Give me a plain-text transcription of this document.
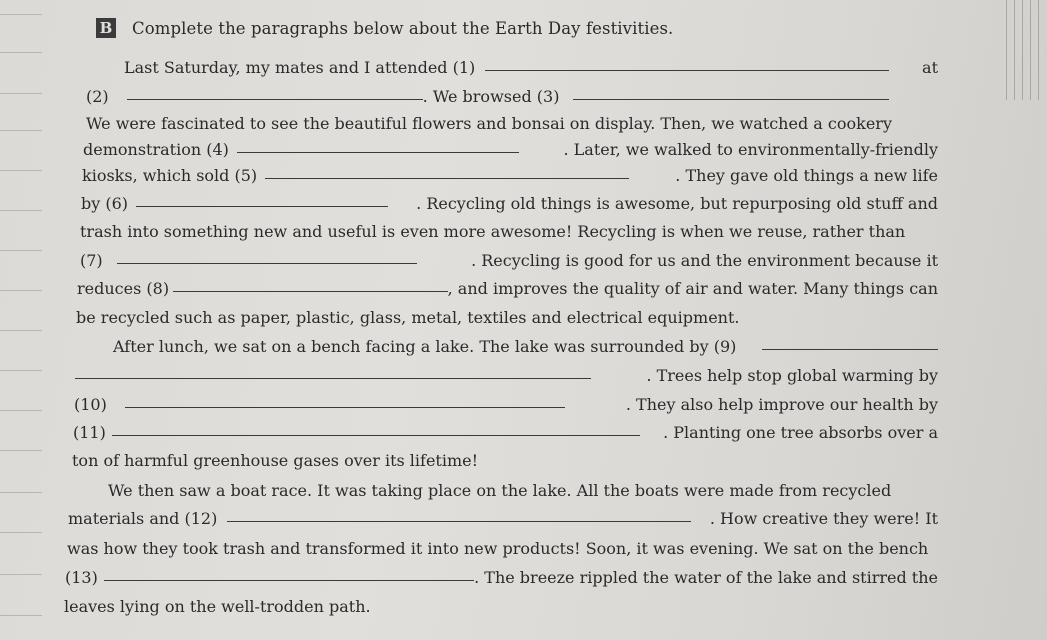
B Complete the paragraphs below about the Earth Day festivities.
Last Saturday, my mates and I attended (1)	at
(2)	. We browsed (3)
We were fascinated to see the beautiful flowers and bonsai on display. Then, we watched a cookery
demonstration (4)	. Later, we walked to environmentally-friendly
kiosks, which sold (5)	. They gave old things a new life
by (6)	. Recycling old things is awesome, but repurposing old stuff and
trash into something new and useful is even more awesome! Recycling is when we reuse, rather than
(7)	. Recycling is good for us and the environment because it
reduces (8)	, and improves the quality of air and water. Many things can
be recycled such as paper, plastic, glass, metal, textiles and electrical equipment.
After lunch, we sat on a bench facing a lake. The lake was surrounded by (9)
. Trees help stop global warming by
(10)	. They also help improve our health by
(11)	. Planting one tree absorbs over a
ton of harmful greenhouse gases over its lifetime!
We then saw a boat race. It was taking place on the lake. All the boats were made from recycled
materials and (12)	. How creative they were! It
was how they took trash and transformed it into new products! Soon, it was evening. We sat on the bench
(13)	. The breeze rippled the water of the lake and stirred the
leaves lying on the well-trodden path.
